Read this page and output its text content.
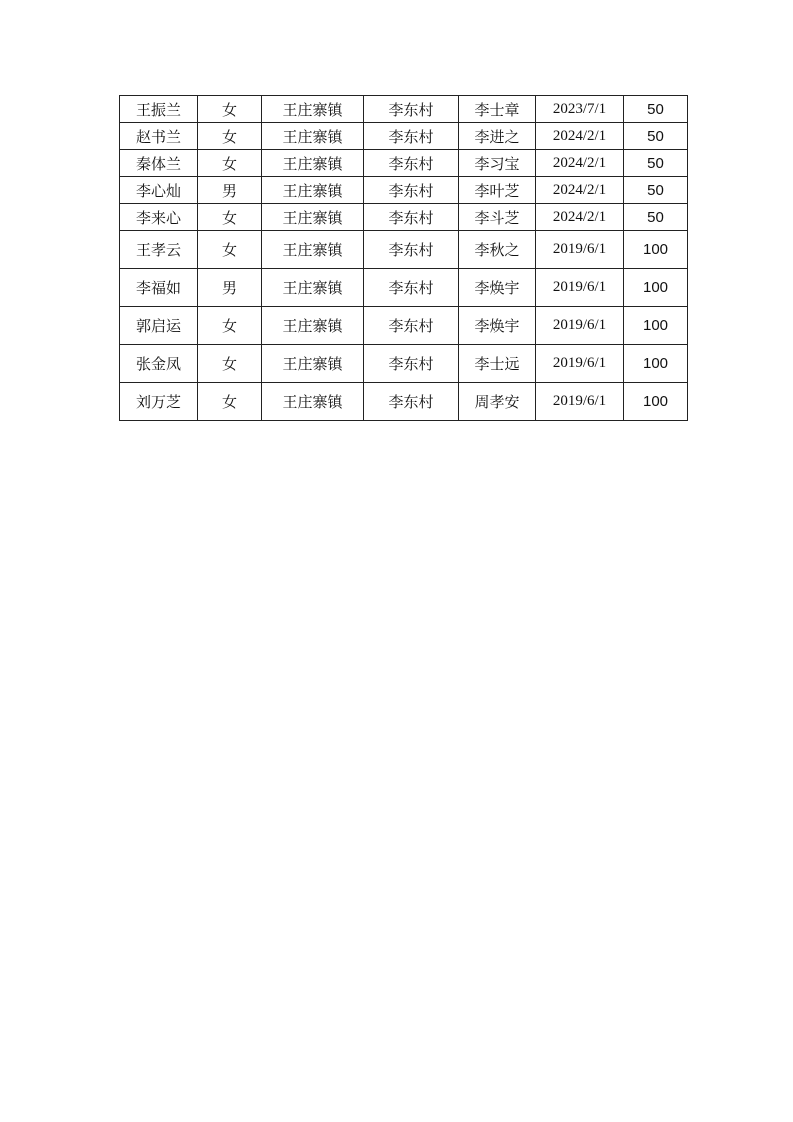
王振兰	女	王庄寨镇	李东村	李士章	2023/7/1	50
赵书兰	女	王庄寨镇	李东村	李进之	2024/2/1	50
秦体兰	女	王庄寨镇	李东村	李习宝	2024/2/1	50
李心灿	男	王庄寨镇	李东村	李叶芝	2024/2/1	50
李来心	女	王庄寨镇	李东村	李斗芝	2024/2/1	50
王孝云	女	王庄寨镇	李东村	李秋之	2019/6/1	100
李福如	男	王庄寨镇	李东村	李焕宇	2019/6/1	100
郭启运	女	王庄寨镇	李东村	李焕宇	2019/6/1	100
张金凤	女	王庄寨镇	李东村	李士远	2019/6/1	100
刘万芝	女	王庄寨镇	李东村	周孝安	2019/6/1	100
